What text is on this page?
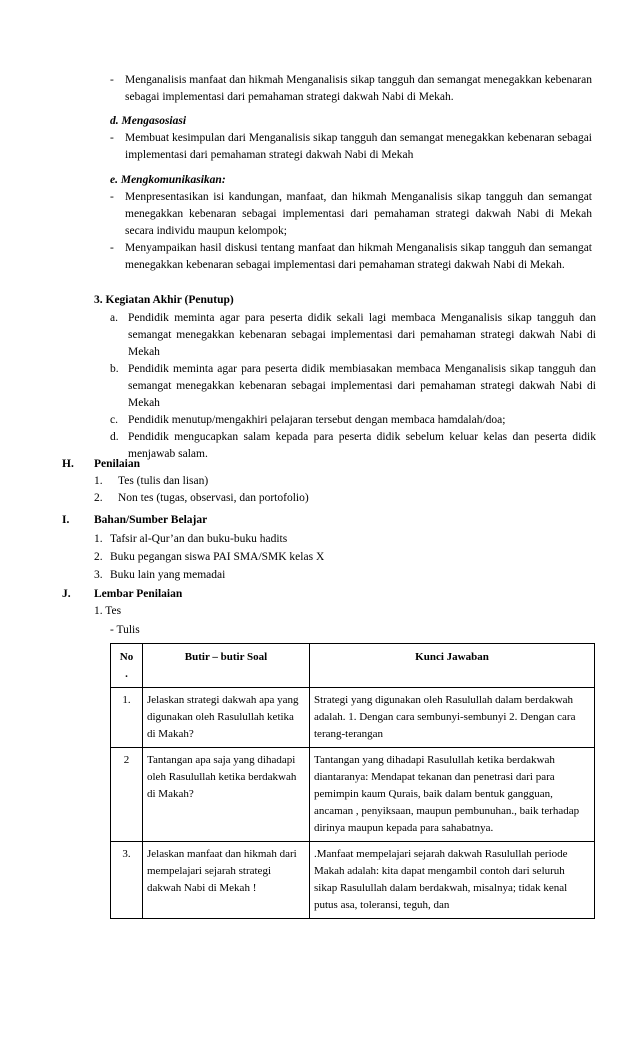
- Menganalisis manfaat dan hikmah Menganalisis sikap tangguh dan semangat menegakkan kebenaran sebagai implementasi dari pemahaman strategi dakwah Nabi di Mekah.
d. Mengasosiasi
- Membuat kesimpulan dari Menganalisis sikap tangguh dan semangat menegakkan kebenaran sebagai implementasi dari pemahaman strategi dakwah Nabi di Mekah
e. Mengkomunikasikan:
- Menpresentasikan isi kandungan, manfaat, dan hikmah Menganalisis sikap tangguh dan semangat menegakkan kebenaran sebagai implementasi dari pemahaman strategi dakwah Nabi di Mekah secara individu maupun kelompok;
- Menyampaikan hasil diskusi tentang manfaat dan hikmah Menganalisis sikap tangguh dan semangat menegakkan kebenaran sebagai implementasi dari pemahaman strategi dakwah Nabi di Mekah.
3. Kegiatan Akhir (Penutup)
a. Pendidik meminta agar para peserta didik sekali lagi membaca Menganalisis sikap tangguh dan semangat menegakkan kebenaran sebagai implementasi dari pemahaman strategi dakwah Nabi di Mekah
b. Pendidik meminta agar para peserta didik membiasakan membaca Menganalisis sikap tangguh dan semangat menegakkan kebenaran sebagai implementasi dari pemahaman strategi dakwah Nabi di Mekah
c. Pendidik menutup/mengakhiri pelajaran tersebut dengan membaca hamdalah/doa;
d. Pendidik mengucapkan salam kepada para peserta didik sebelum keluar kelas dan peserta didik menjawab salam.
H. Penilaian
1. Tes (tulis dan lisan)
2. Non tes (tugas, observasi, dan portofolio)
I. Bahan/Sumber Belajar
1. Tafsir al-Qur’an dan buku-buku hadits
2. Buku pegangan siswa PAI SMA/SMK kelas X
3. Buku lain yang memadai
J. Lembar Penilaian
1. Tes
- Tulis
No .	Butir – butir Soal	Kunci Jawaban
1.	Jelaskan strategi dakwah apa yang digunakan oleh Rasulullah ketika di Makah?	Strategi yang digunakan oleh Rasulullah dalam berdakwah adalah. 1. Dengan cara sembunyi-sembunyi 2. Dengan cara terang-terangan
2	Tantangan apa saja yang dihadapi oleh Rasulullah ketika berdakwah di Makah?	Tantangan yang dihadapi Rasulullah ketika berdakwah diantaranya: Mendapat tekanan dan penetrasi dari para pemimpin kaum Qurais, baik dalam bentuk gangguan, ancaman , penyiksaan, maupun pembunuhan., baik terhadap dirinya maupun kepada para sahabatnya.
3.	Jelaskan manfaat dan hikmah dari mempelajari sejarah strategi dakwah Nabi di Mekah !	.Manfaat mempelajari sejarah dakwah Rasulullah periode Makah adalah: kita dapat mengambil contoh dari seluruh sikap Rasulullah dalam berdakwah, misalnya; tidak kenal putus asa, toleransi, teguh, dan
